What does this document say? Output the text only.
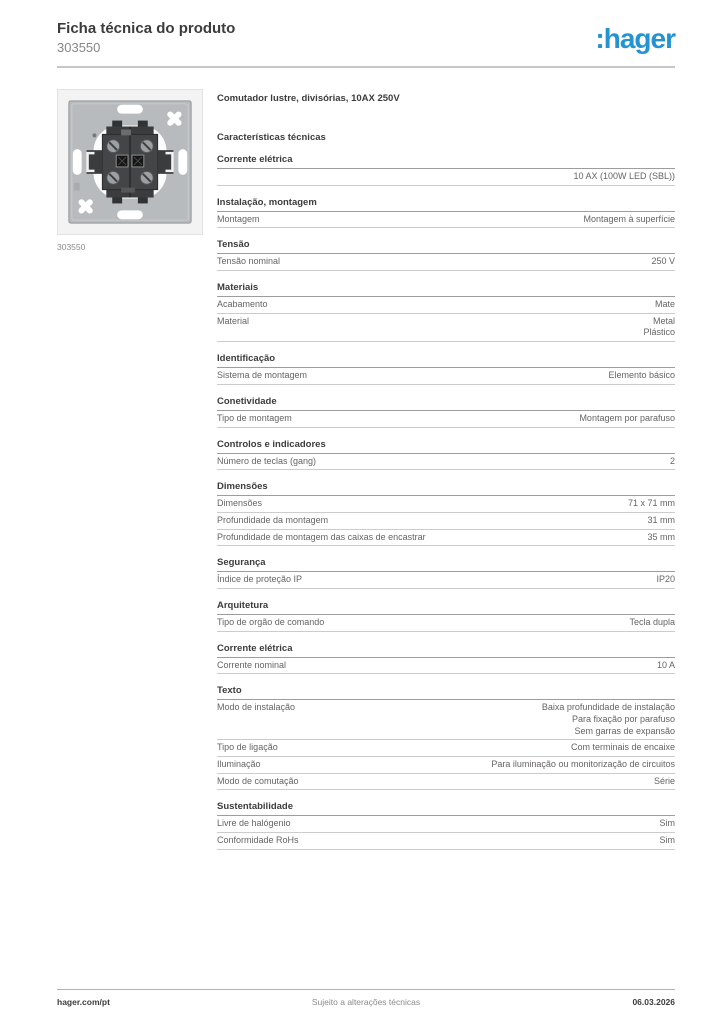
Ficha técnica do produto
303550	:hager
303550
Comutador lustre, divisórias, 10AX 250V
Características técnicas
Corrente elétrica
10 AX (100W LED (SBL))
Instalação, montagem
Montagem	Montagem à superfície
Tensão
Tensão nominal	250 V
Materiais
Acabamento	Mate
Material	Metal
Plástico
Identificação
Sistema de montagem	Elemento básico
Conetividade
Tipo de montagem	Montagem por parafuso
Controlos e indicadores
Número de teclas (gang)	2
Dimensões
Dimensões	71 x 71 mm
Profundidade da montagem	31 mm
Profundidade de montagem das caixas de encastrar	35 mm
Segurança
Índice de proteção IP	IP20
Arquitetura
Tipo de orgão de comando	Tecla dupla
Corrente elétrica
Corrente nominal	10 A
Texto
Modo de instalação	Baixa profundidade de instalação
Para fixação por parafuso
Sem garras de expansão
Tipo de ligação	Com terminais de encaixe
Iluminação	Para iluminação ou monitorização de circuitos
Modo de comutação	Série
Sustentabilidade
Livre de halógenio	Sim
Conformidade RoHs	Sim
hager.com/pt	Sujeito a alterações técnicas	06.03.2026
